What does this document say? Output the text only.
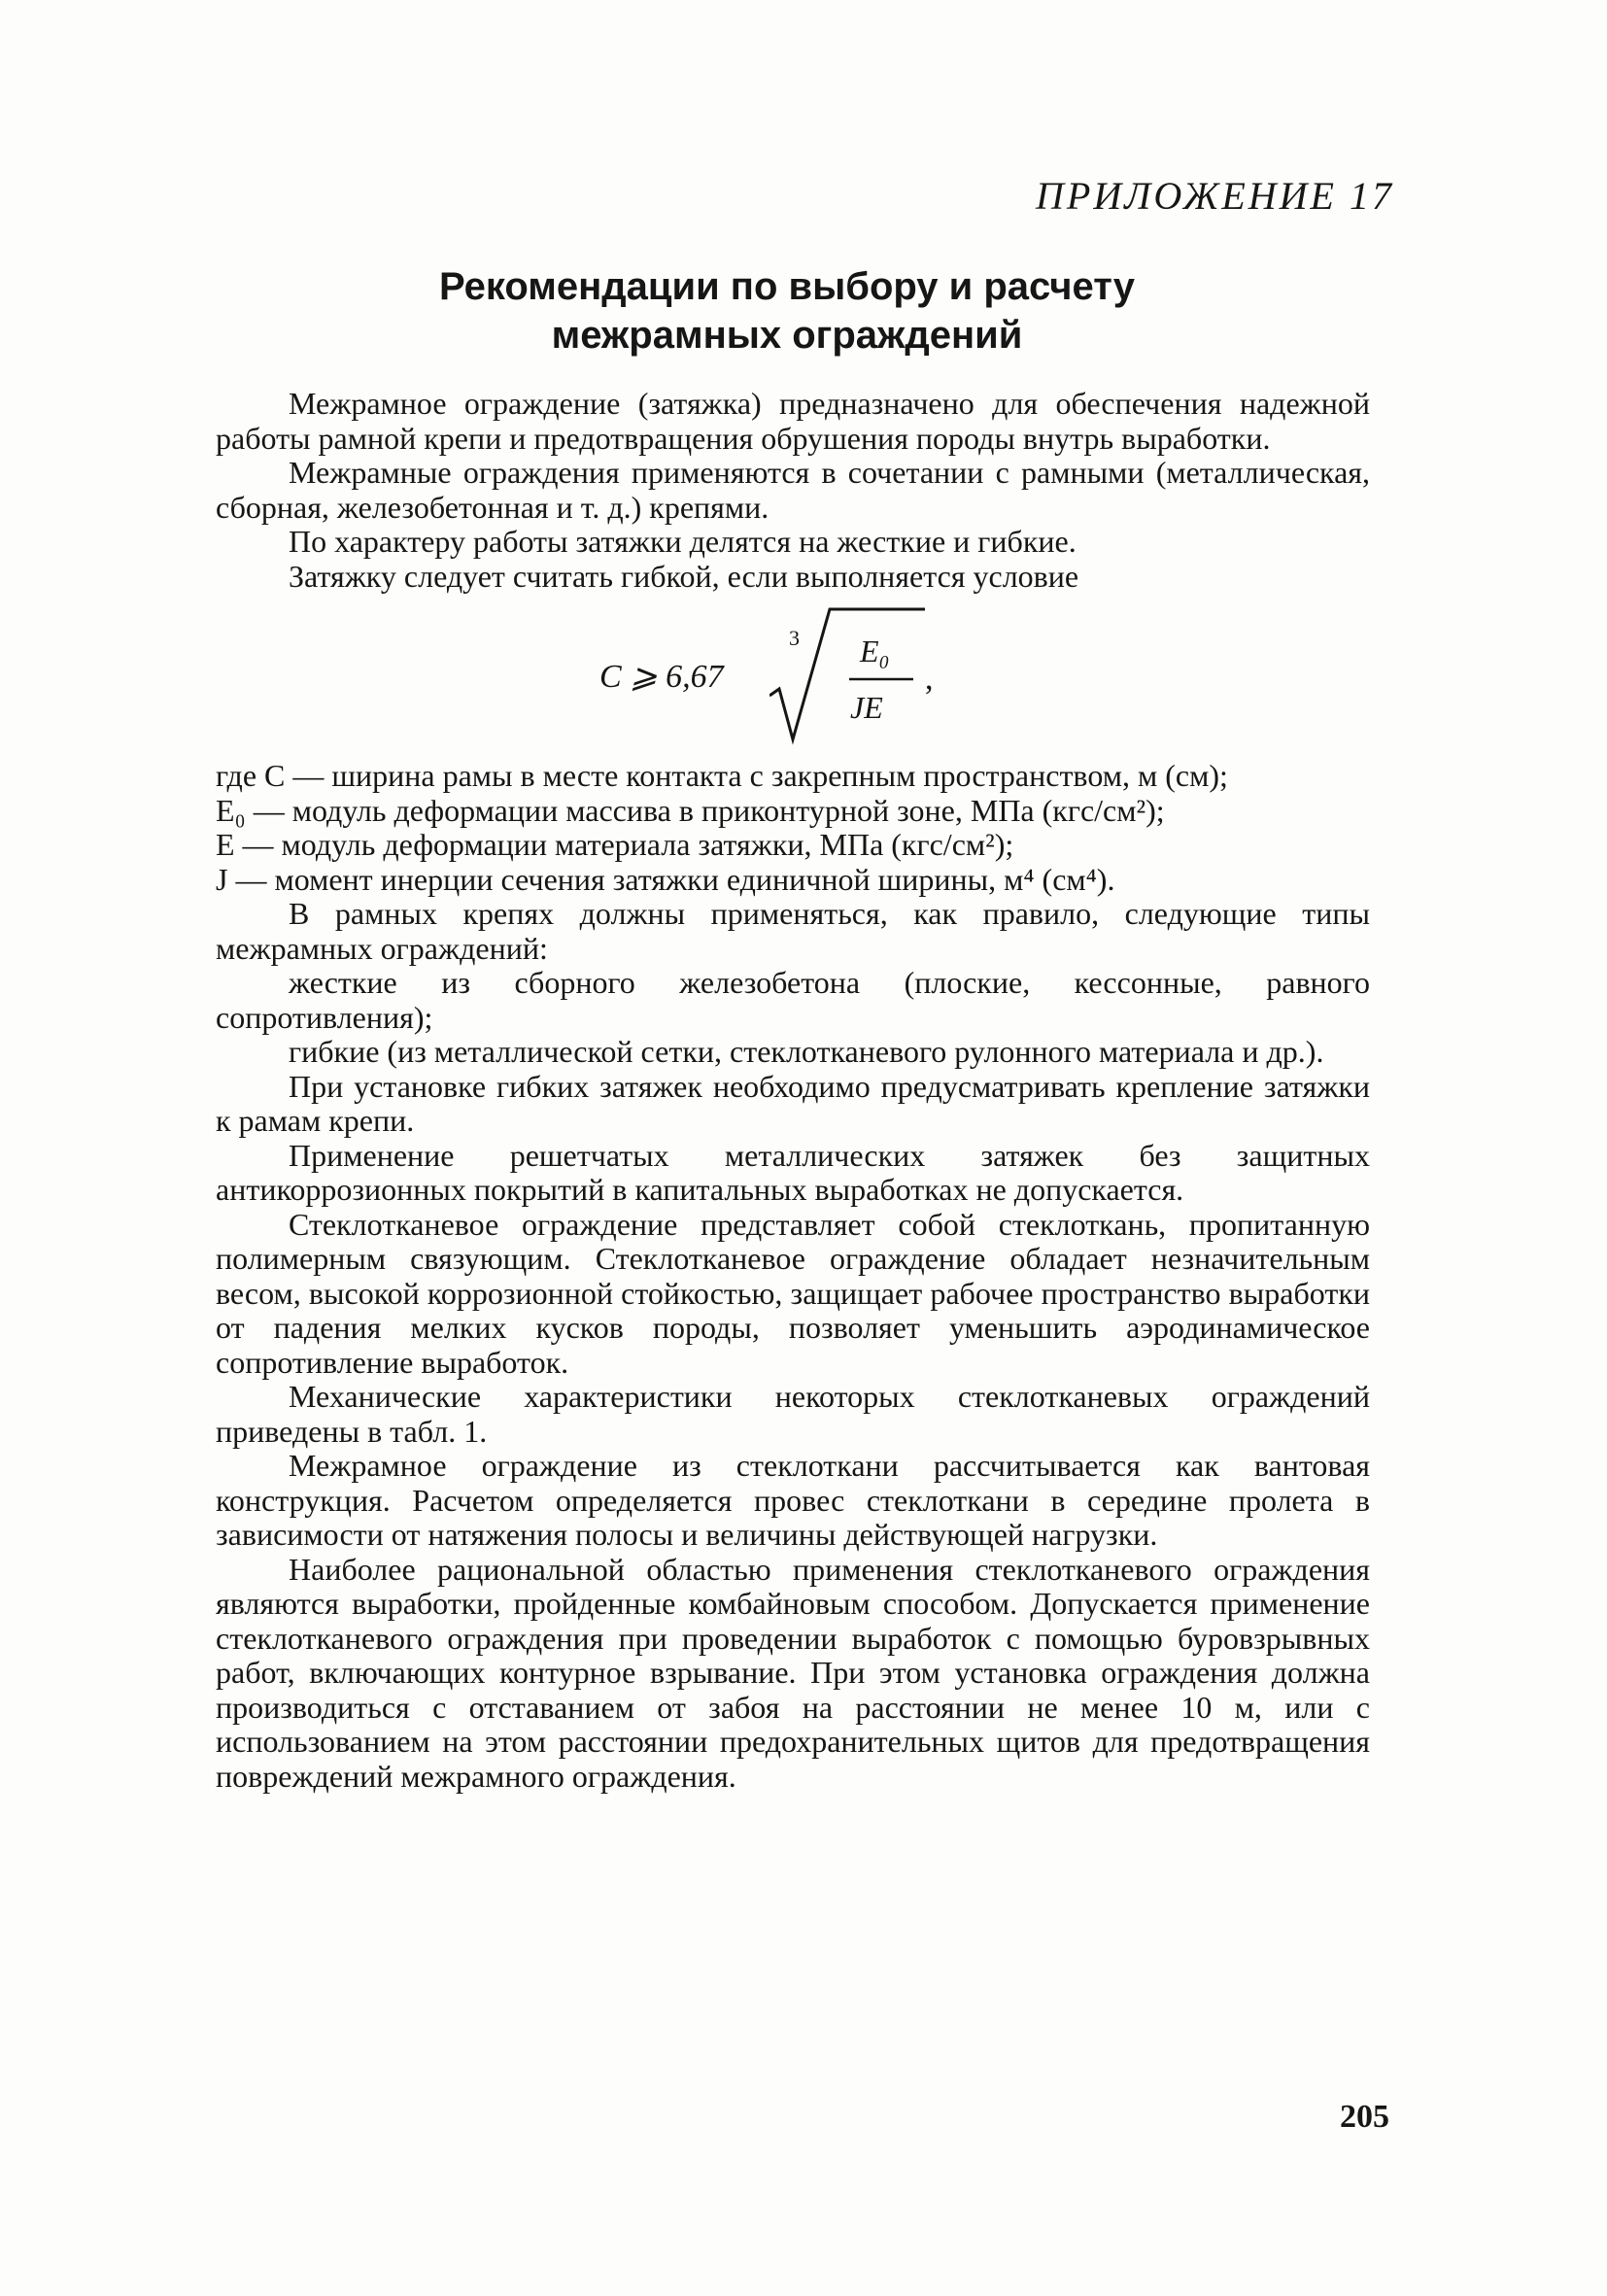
ПРИЛОЖЕНИЕ 17
Рекомендации по выбору и расчету
межрамных ограждений

Межрамное ограждение (затяжка) предназначено для обеспечения надежной работы рамной крепи и предотвращения обрушения породы внутрь выработки.

Межрамные ограждения применяются в сочетании с рамными (металлическая, сборная, железобетонная и т. д.) крепями.

По характеру работы затяжки делятся на жесткие и гибкие.

Затяжку следует считать гибкой, если выполняется условие

C ⩾ 6,67
3 E₀
JE
,

где C — ширина рамы в месте контакта с закрепным пространством, м (см);

E₀ — модуль деформации массива в приконтурной зоне, МПа (кгс/см²);

E — модуль деформации материала затяжки, МПа (кгс/см²);

J — момент инерции сечения затяжки единичной ширины, м⁴ (см⁴).

В рамных крепях должны применяться, как правило, следующие типы межрамных ограждений:

жесткие из сборного железобетона (плоские, кессонные, равного сопротивления);

гибкие (из металлической сетки, стеклотканевого рулонного материала и др.).

При установке гибких затяжек необходимо предусматривать крепление затяжки к рамам крепи.

Применение решетчатых металлических затяжек без защитных антикоррозионных покрытий в капитальных выработках не допускается.

Стеклотканевое ограждение представляет собой стеклоткань, пропитанную полимерным связующим. Стеклотканевое ограждение обладает незначительным весом, высокой коррозионной стойкостью, защищает рабочее пространство выработки от падения мелких кусков породы, позволяет уменьшить аэродинамическое сопротивление выработок.

Механические характеристики некоторых стеклотканевых ограждений приведены в табл. 1.

Межрамное ограждение из стеклоткани рассчитывается как вантовая конструкция. Расчетом определяется провес стеклоткани в середине пролета в зависимости от натяжения полосы и величины действующей нагрузки.

Наиболее рациональной областью применения стеклотканевого ограждения являются выработки, пройденные комбайновым способом. Допускается применение стеклотканевого ограждения при проведении выработок с помощью буровзрывных работ, включающих контурное взрывание. При этом установка ограждения должна производиться с отставанием от забоя на расстоянии не менее 10 м, или с использованием на этом расстоянии предохранительных щитов для предотвращения повреждений межрамного ограждения.

205
